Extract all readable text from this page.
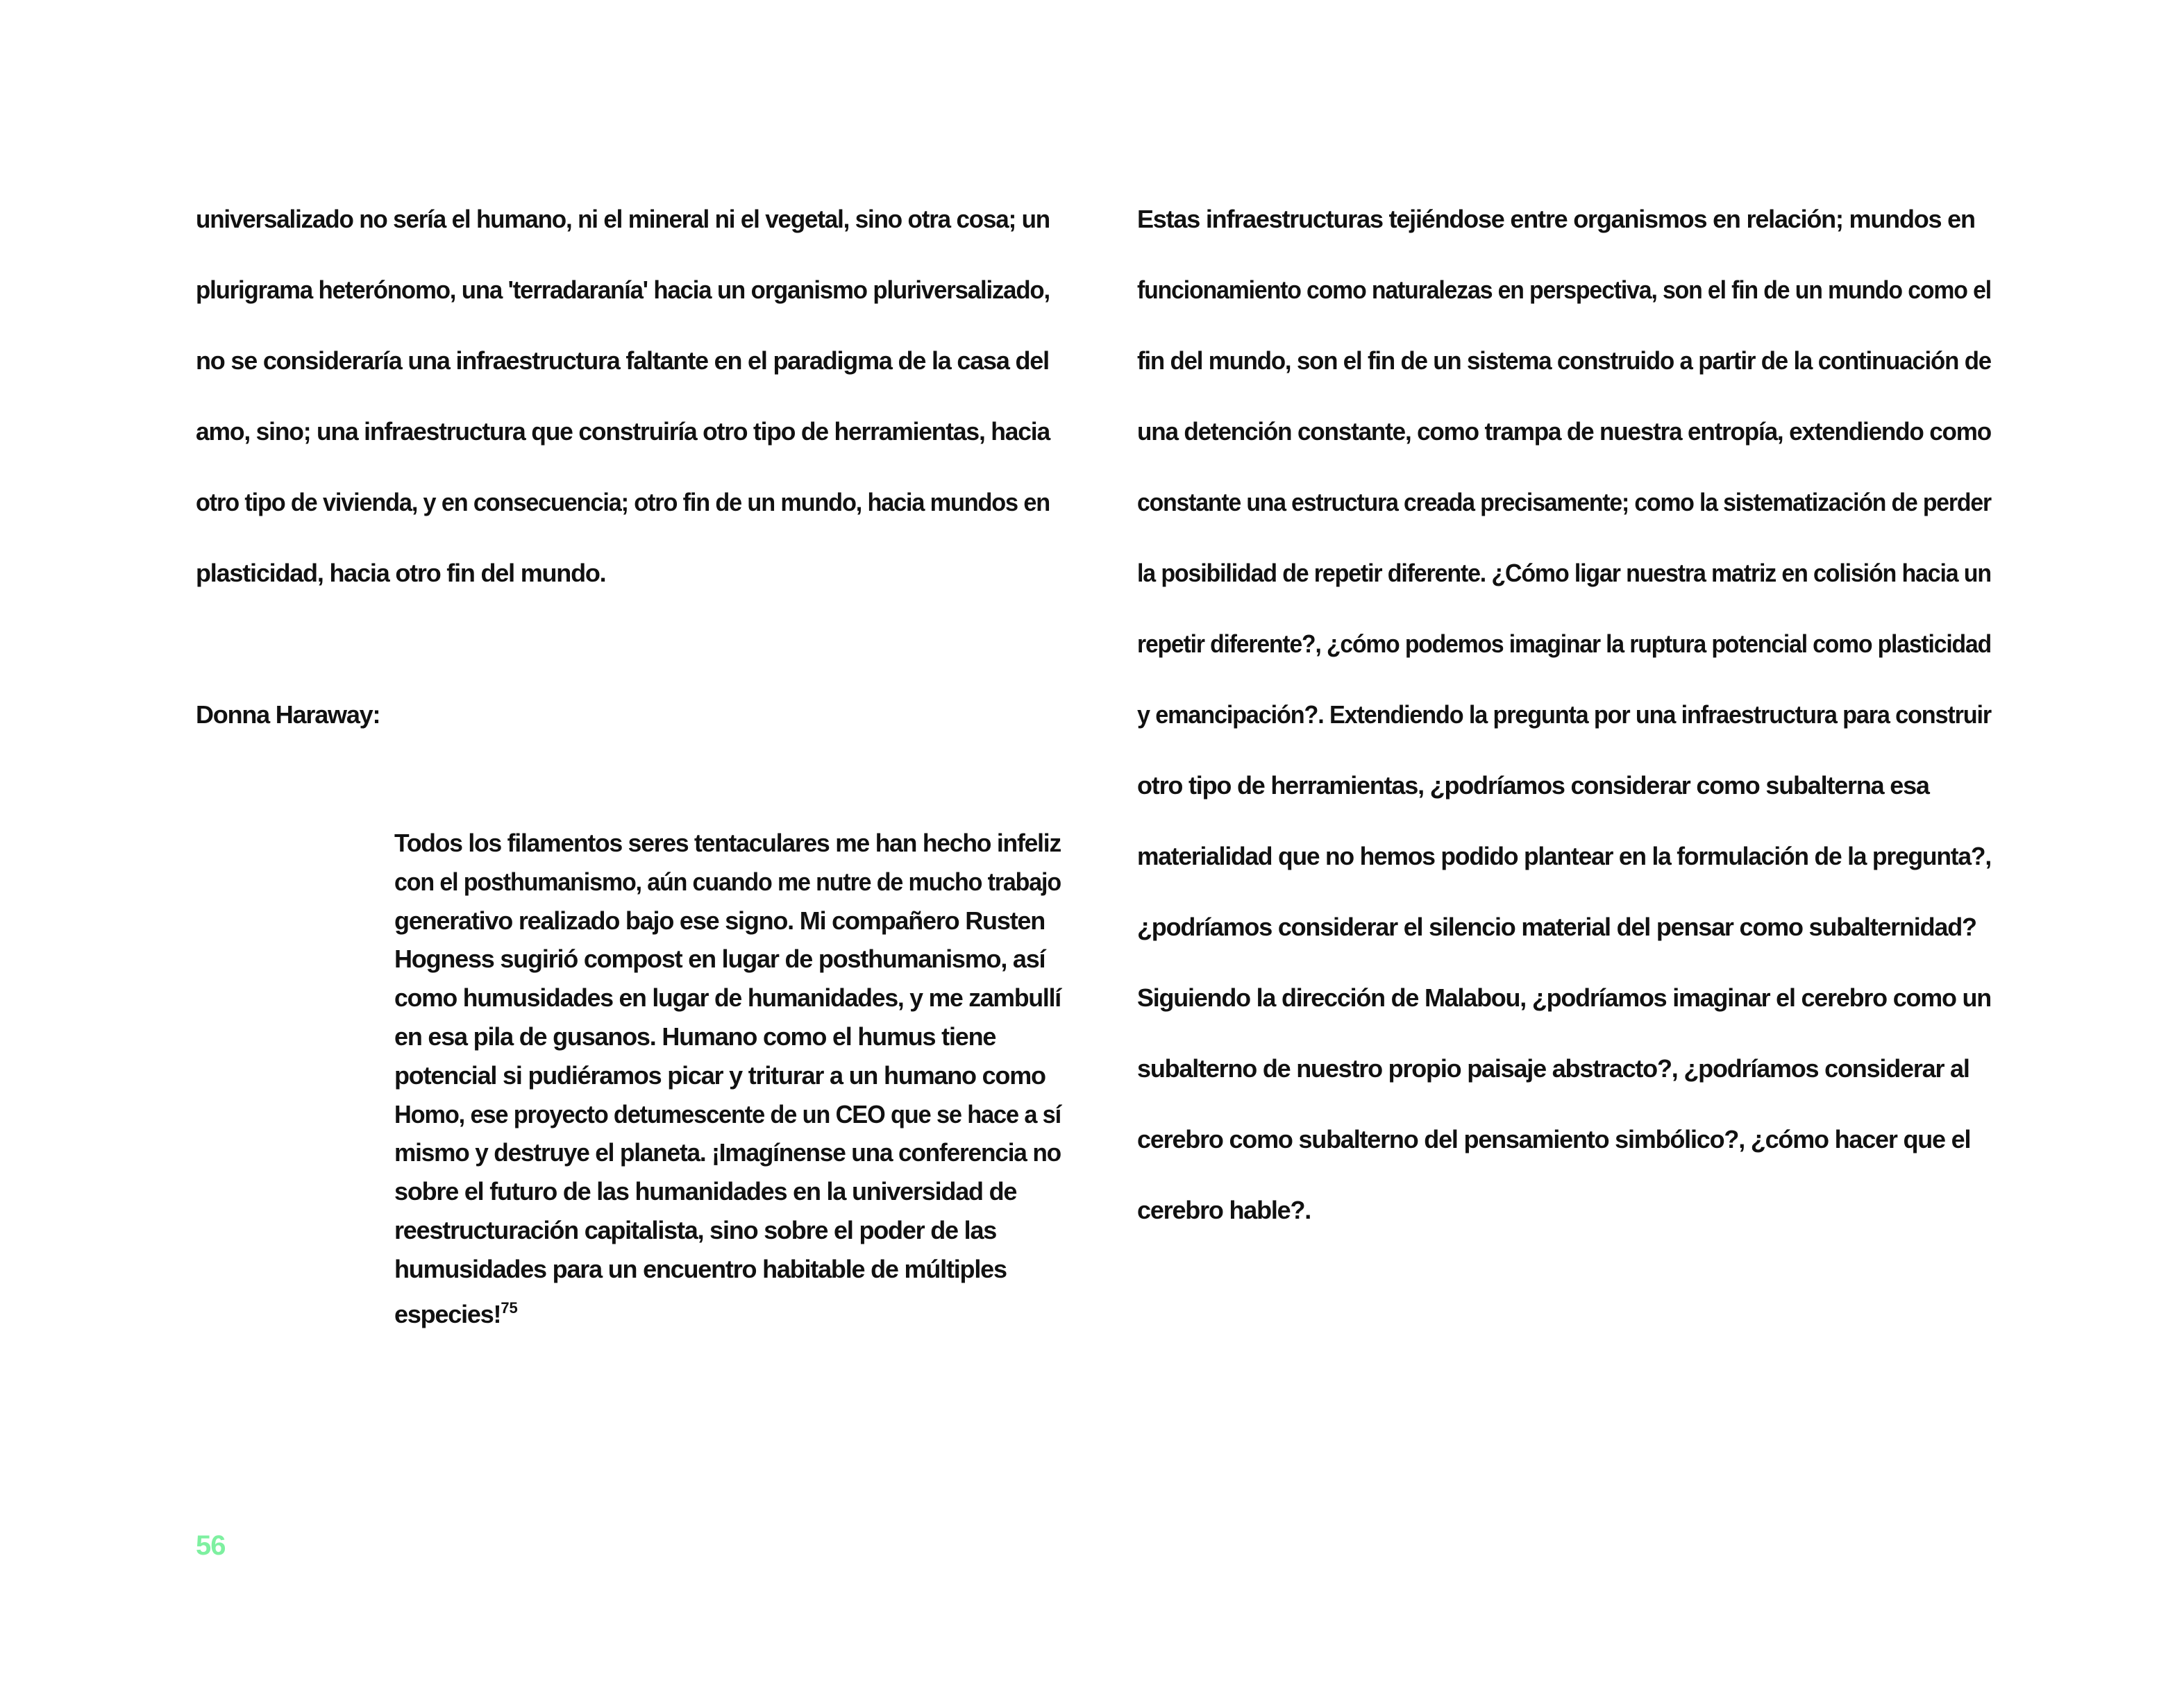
universalizado no sería el humano, ni el mineral ni el vegetal, sino otra cosa; un
plurigrama heterónomo, una 'terradaranía' hacia un organismo pluriversalizado,
no se consideraría una infraestructura faltante en el paradigma de la casa del
amo, sino; una infraestructura que construiría otro tipo de herramientas, hacia
otro tipo de vivienda, y en consecuencia; otro fin de un mundo, hacia mundos en
plasticidad, hacia otro fin del mundo.
Donna Haraway:
Todos los filamentos seres tentaculares me han hecho infeliz
con el posthumanismo, aún cuando me nutre de mucho trabajo
generativo realizado bajo ese signo. Mi compañero Rusten
Hogness sugirió compost en lugar de posthumanismo, así
como humusidades en lugar de humanidades, y me zambullí
en esa pila de gusanos. Humano como el humus tiene
potencial si pudiéramos picar y triturar a un humano como
Homo, ese proyecto detumescente de un CEO que se hace a sí
mismo y destruye el planeta. ¡Imagínense una conferencia no
sobre el futuro de las humanidades en la universidad de
reestructuración capitalista, sino sobre el poder de las
humusidades para un encuentro habitable de múltiples
especies!$^{75}$
Estas infraestructuras tejiéndose entre organismos en relación; mundos en
funcionamiento como naturalezas en perspectiva, son el fin de un mundo como el
fin del mundo, son el fin de un sistema construido a partir de la continuación de
una detención constante, como trampa de nuestra entropía, extendiendo como
constante una estructura creada precisamente; como la sistematización de perder
la posibilidad de repetir diferente. ¿Cómo ligar nuestra matriz en colisión hacia un
repetir diferente?, ¿cómo podemos imaginar la ruptura potencial como plasticidad
y emancipación?. Extendiendo la pregunta por una infraestructura para construir
otro tipo de herramientas, ¿podríamos considerar como subalterna esa
materialidad que no hemos podido plantear en la formulación de la pregunta?,
¿podríamos considerar el silencio material del pensar como subalternidad?
Siguiendo la dirección de Malabou, ¿podríamos imaginar el cerebro como un
subalterno de nuestro propio paisaje abstracto?, ¿podríamos considerar al
cerebro como subalterno del pensamiento simbólico?, ¿cómo hacer que el
cerebro hable?.
56
